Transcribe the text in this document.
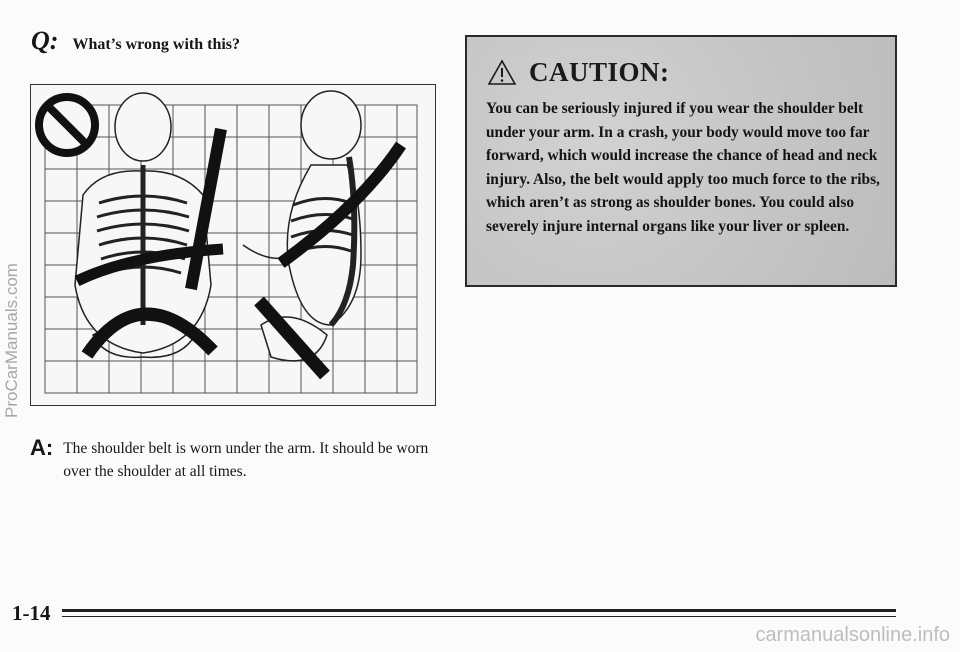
Q: What’s wrong with this?
A: The shoulder belt is worn under the arm. It should be worn over the shoulder at all times.
CAUTION:
You can be seriously injured if you wear the shoulder belt under your arm. In a crash, your body would move too far forward, which would increase the chance of head and neck injury. Also, the belt would apply too much force to the ribs, which aren’t as strong as shoulder bones. You could also severely injure internal organs like your liver or spleen.
1-14
ProCarManuals.com
carmanualsonline.info
